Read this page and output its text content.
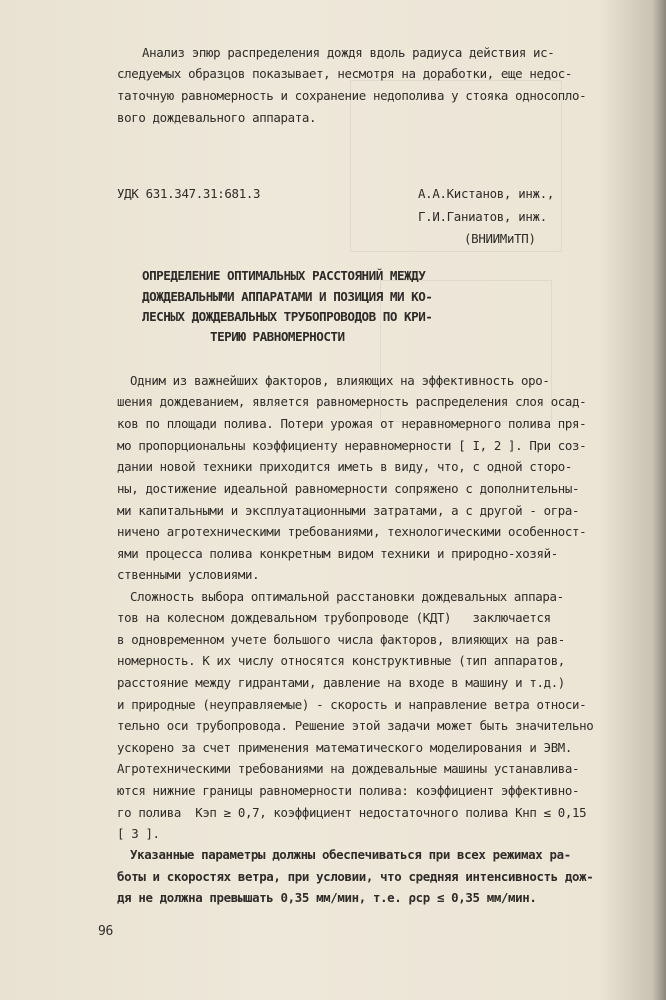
Анализ эпюр распределения дождя вдоль радиуса действия ис-
следуемых образцов показывает, несмотря на доработки, еще недос-
таточную равномерность и сохранение недополива у стояка односопло-
вого дождевального аппарата.
УДК 631.347.31:681.3	А.А.Кистанов, инж.,
Г.И.Ганиатов, инж.
(ВНИИМиТП)
ОПРЕДЕЛЕНИЕ ОПТИМАЛЬНЫХ РАССТОЯНИЙ МЕЖДУ
ДОЖДЕВАЛЬНЫМИ АППАРАТАМИ И ПОЗИЦИЯ МИ КО-
ЛЕСНЫХ ДОЖДЕВАЛЬНЫХ ТРУБОПРОВОДОВ ПО КРИ-
ТЕРИЮ РАВНОМЕРНОСТИ
Одним из важнейших факторов, влияющих на эффективность оро-
шения дождеванием, является равномерность распределения слоя осад-
ков по площади полива. Потери урожая от неравномерного полива пря-
мо пропорциональны коэффициенту неравномерности [ I, 2 ]. При соз-
дании новой техники приходится иметь в виду, что, с одной сторо-
ны, достижение идеальной равномерности сопряжено с дополнительны-
ми капитальными и эксплуатационными затратами, а с другой - огра-
ничено агротехническими требованиями, технологическими особенност-
ями процесса полива конкретным видом техники и природно-хозяй-
ственными условиями.
Сложность выбора оптимальной расстановки дождевальных аппара-
тов на колесном дождевальном трубопроводе (КДТ)   заключается
в одновременном учете большого числа факторов, влияющих на рав-
номерность. К их числу относятся конструктивные (тип аппаратов,
расстояние между гидрантами, давление на входе в машину и т.д.)
и природные (неуправляемые) - скорость и направление ветра относи-
тельно оси трубопровода. Решение этой задачи может быть значительно
ускорено за счет применения математического моделирования и ЭВМ.
Агротехническими требованиями на дождевальные машины устанавлива-
ются нижние границы равномерности полива: коэффициент эффективно-
го полива  Кэп ≥ 0,7, коэффициент недостаточного полива Кнп ≤ 0,15
[ 3 ].
Указанные параметры должны обеспечиваться при всех режимах ра-
боты и скоростях ветра, при условии, что средняя интенсивность дож-
дя не должна превышать 0,35 мм/мин, т.е. ρср ≤ 0,35 мм/мин.
96
